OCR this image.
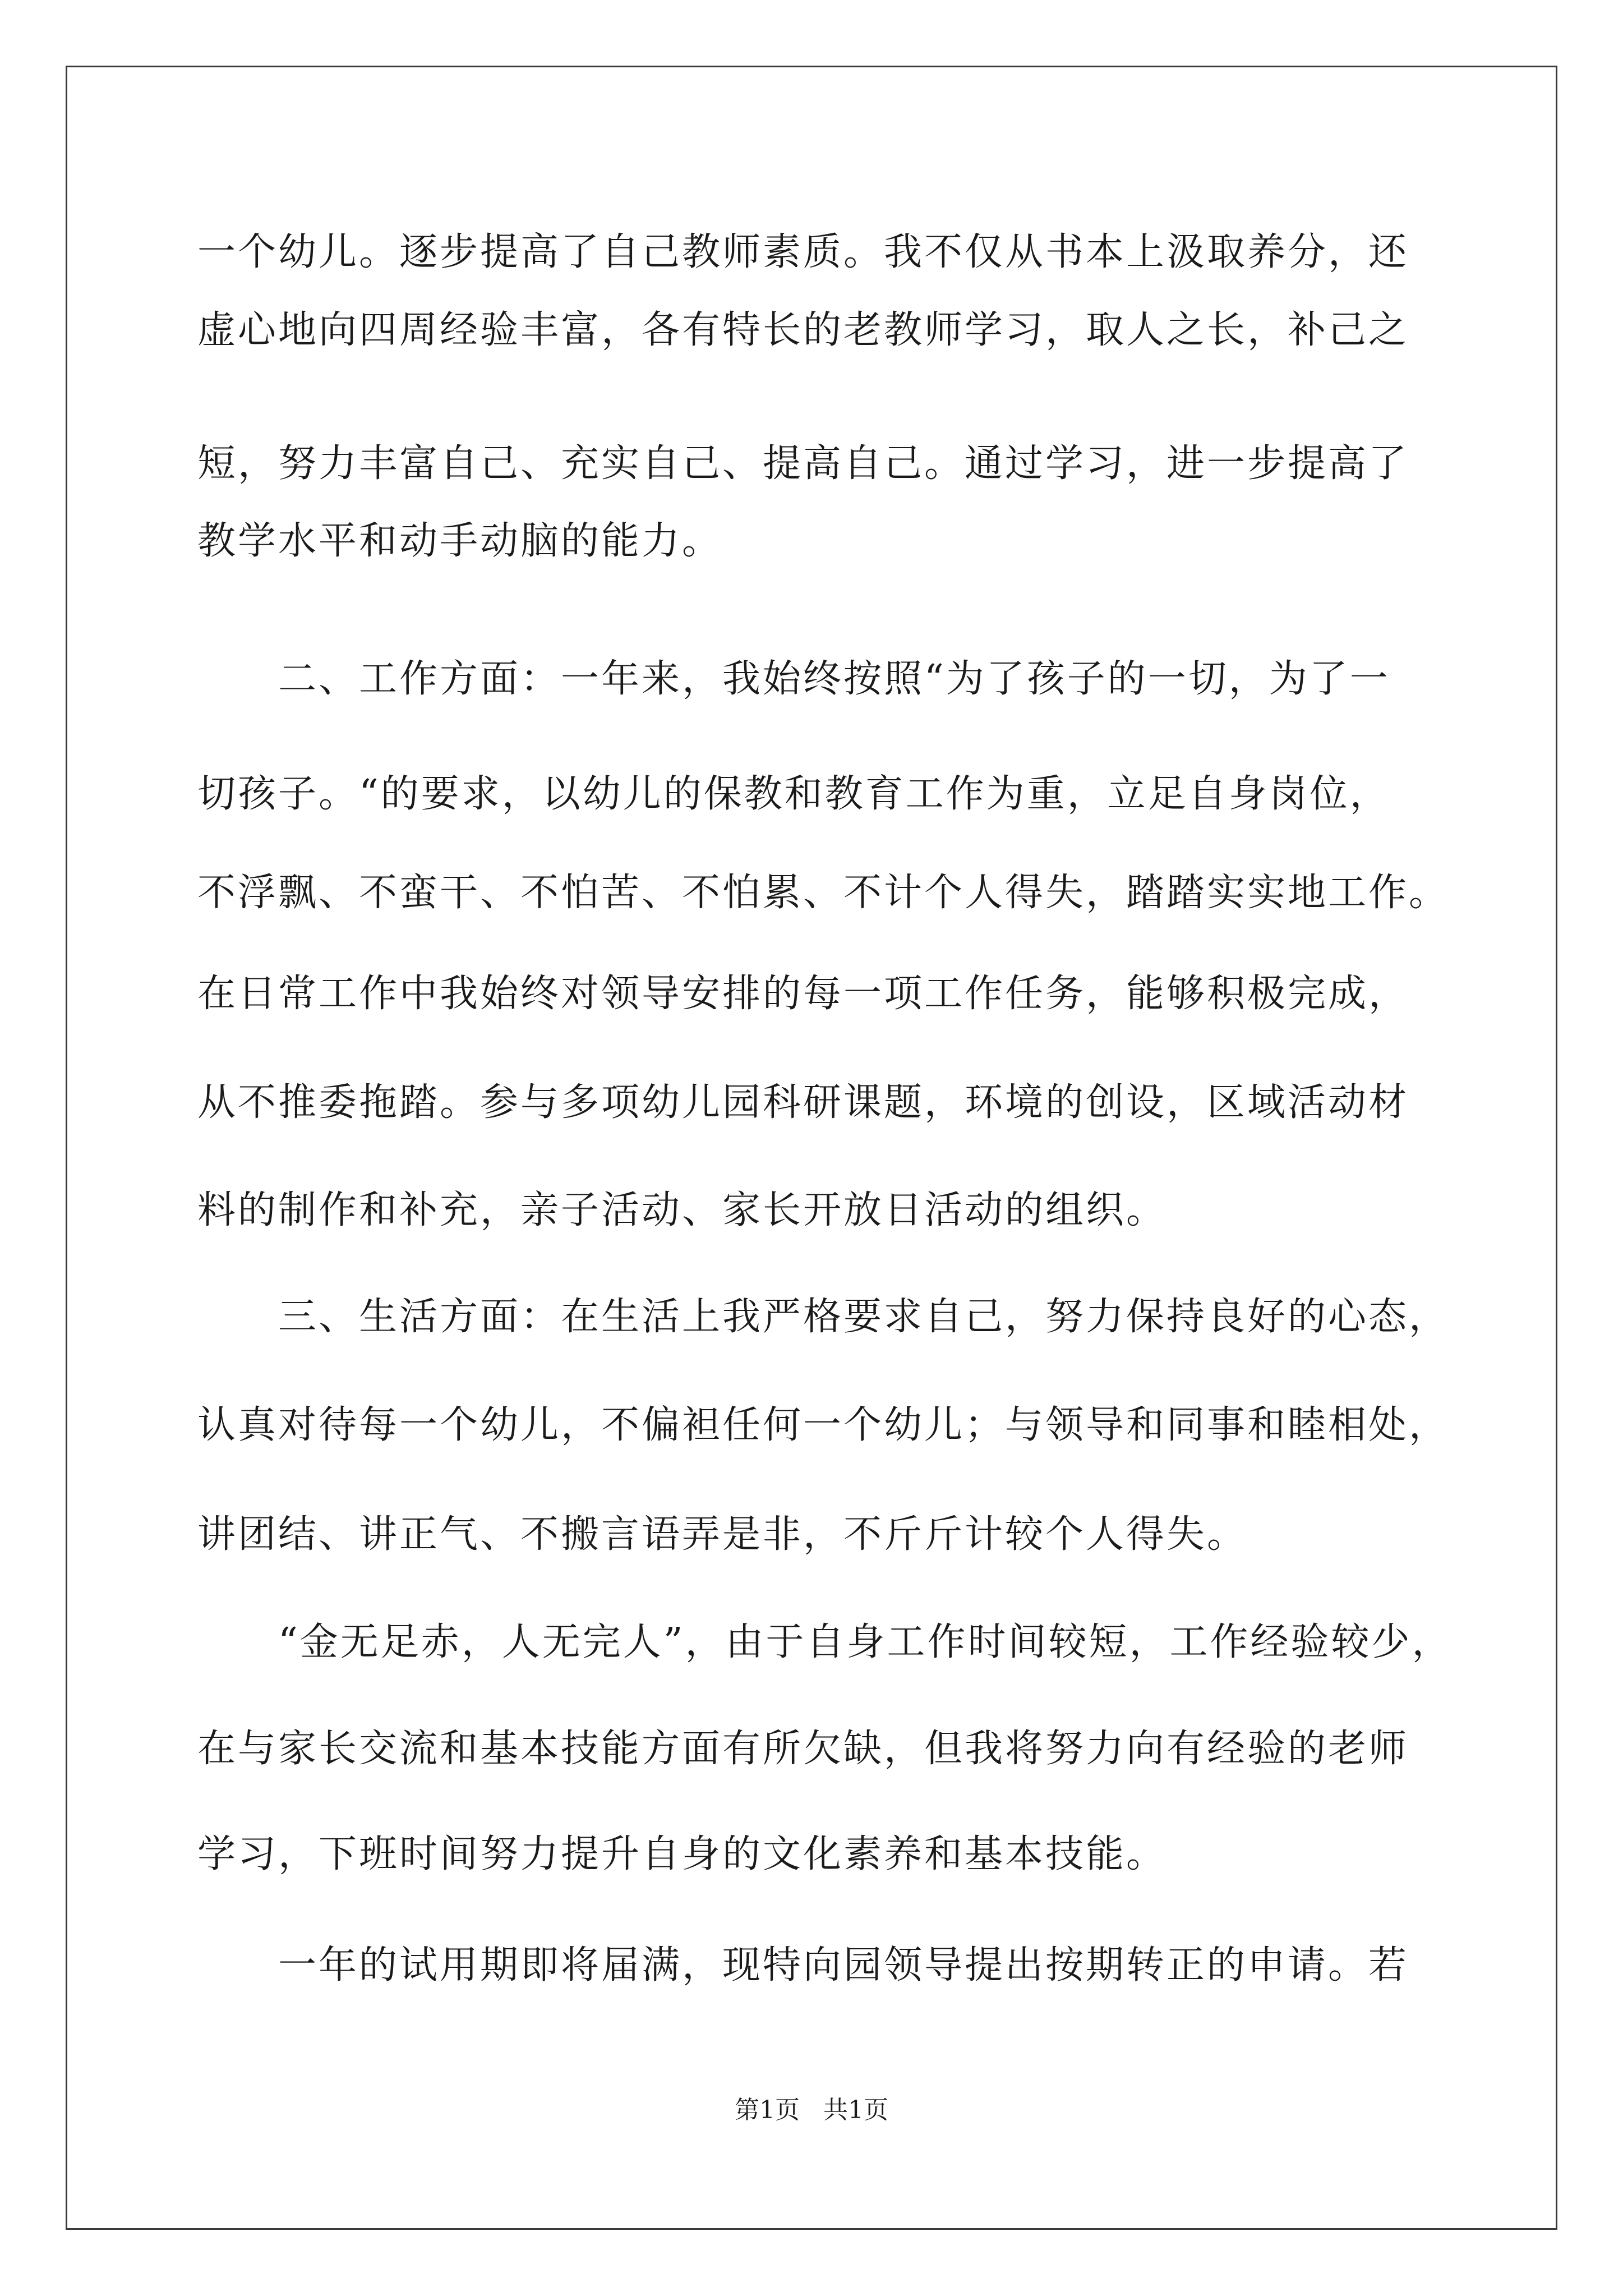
一个幼儿。逐步提高了自己教师素质。我不仅从书本上汲取养分，还
虚心地向四周经验丰富，各有特长的老教师学习，取人之长，补己之
短，努力丰富自己、充实自己、提高自己。通过学习，进一步提高了
教学水平和动手动脑的能力。
　　二、工作方面：一年来，我始终按照“为了孩子的一切，为了一
切孩子。“的要求，以幼儿的保教和教育工作为重，立足自身岗位，
不浮飘、不蛮干、不怕苦、不怕累、不计个人得失，踏踏实实地工作。
在日常工作中我始终对领导安排的每一项工作任务，能够积极完成，
从不推委拖踏。参与多项幼儿园科研课题，环境的创设，区域活动材
料的制作和补充，亲子活动、家长开放日活动的组织。
　　三、生活方面：在生活上我严格要求自己，努力保持良好的心态，
认真对待每一个幼儿，不偏袒任何一个幼儿；与领导和同事和睦相处，
讲团结、讲正气、不搬言语弄是非，不斤斤计较个人得失。
　　“金无足赤，人无完人”，由于自身工作时间较短，工作经验较少，
在与家长交流和基本技能方面有所欠缺，但我将努力向有经验的老师
学习，下班时间努力提升自身的文化素养和基本技能。
　　一年的试用期即将届满，现特向园领导提出按期转正的申请。若
第1页   共1页
